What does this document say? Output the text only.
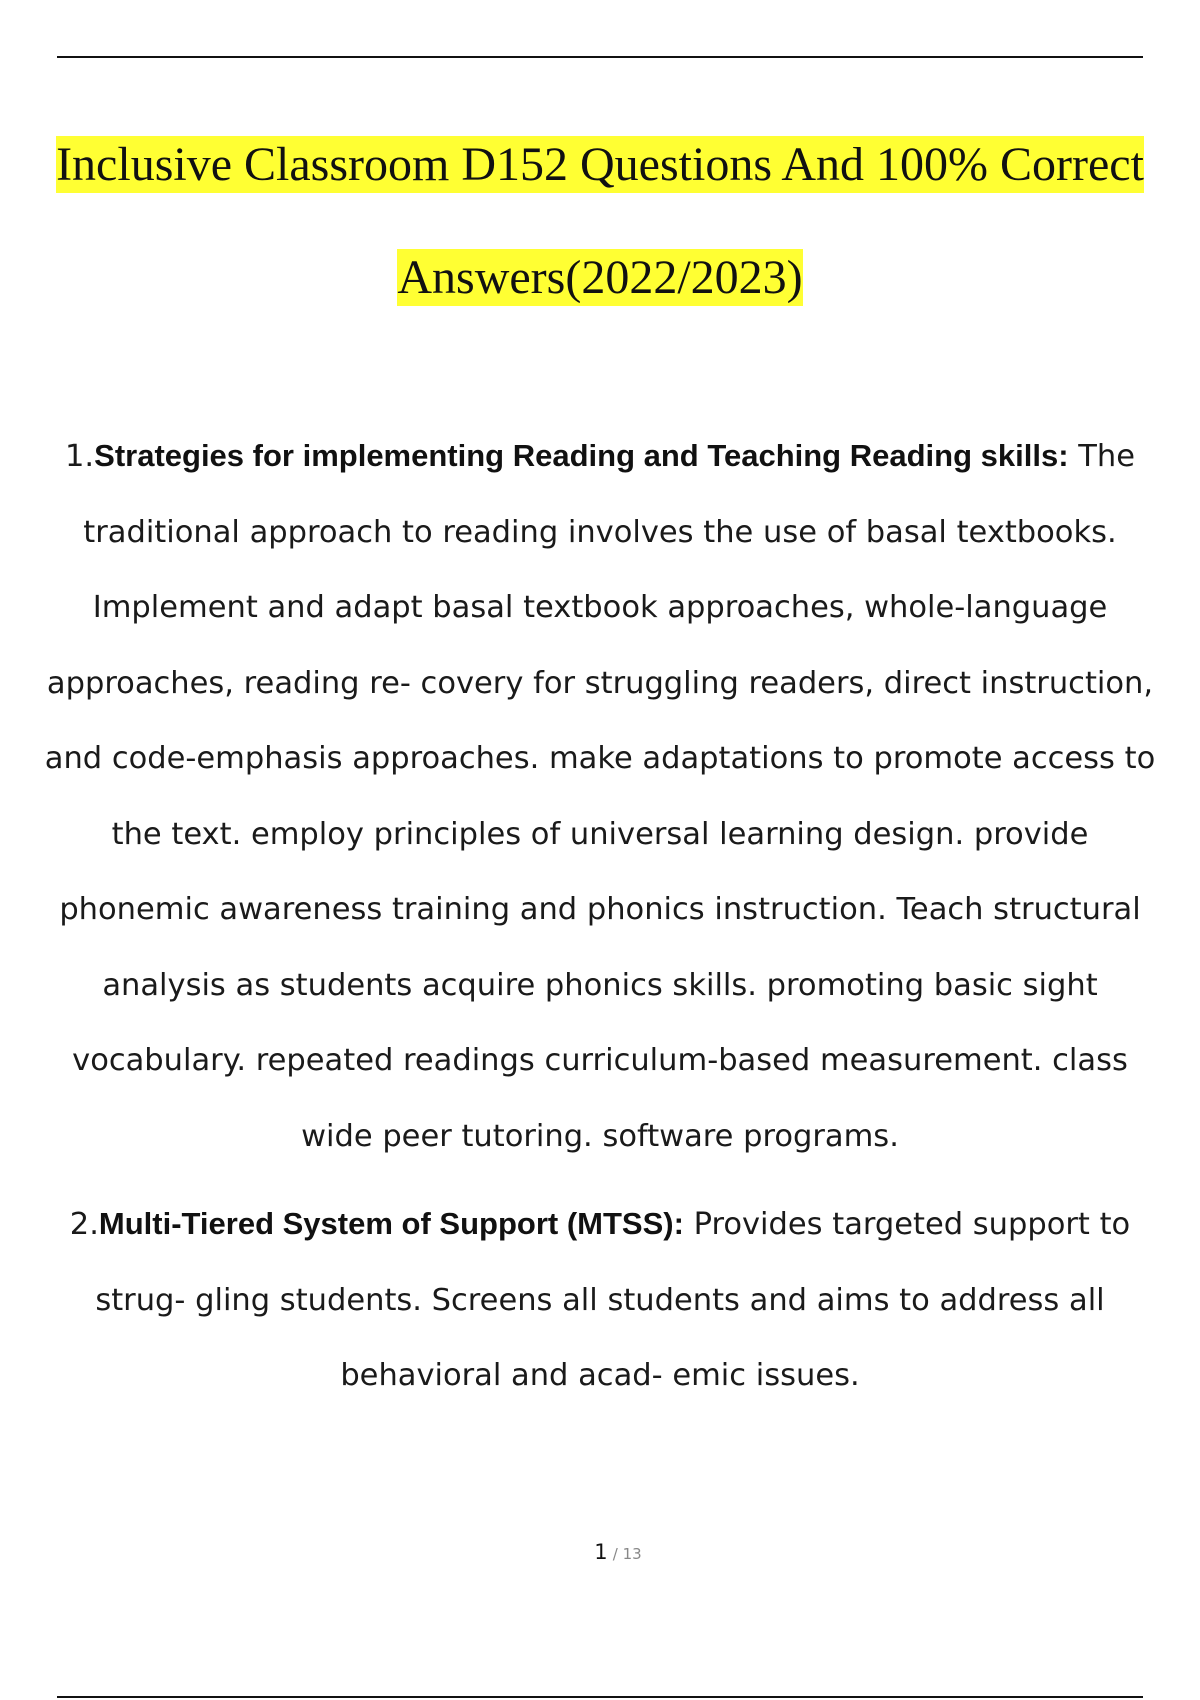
Inclusive Classroom D152 Questions And 100% Correct
Answers(2022/2023)
1.Strategies for implementing Reading and Teaching Reading skills: The traditional approach to reading involves the use of basal textbooks. Implement and adapt basal textbook approaches, whole-language approaches, reading re- covery for struggling readers, direct instruction, and code-emphasis approaches. make adaptations to promote access to the text. employ principles of universal learning design. provide phonemic awareness training and phonics instruction. Teach structural analysis as students acquire phonics skills. promoting basic sight vocabulary. repeated readings curriculum-based measurement. class wide peer tutoring. software programs.
2.Multi-Tiered System of Support (MTSS): Provides targeted support to strug- gling students. Screens all students and aims to address all behavioral and acad- emic issues.
1 / 13
